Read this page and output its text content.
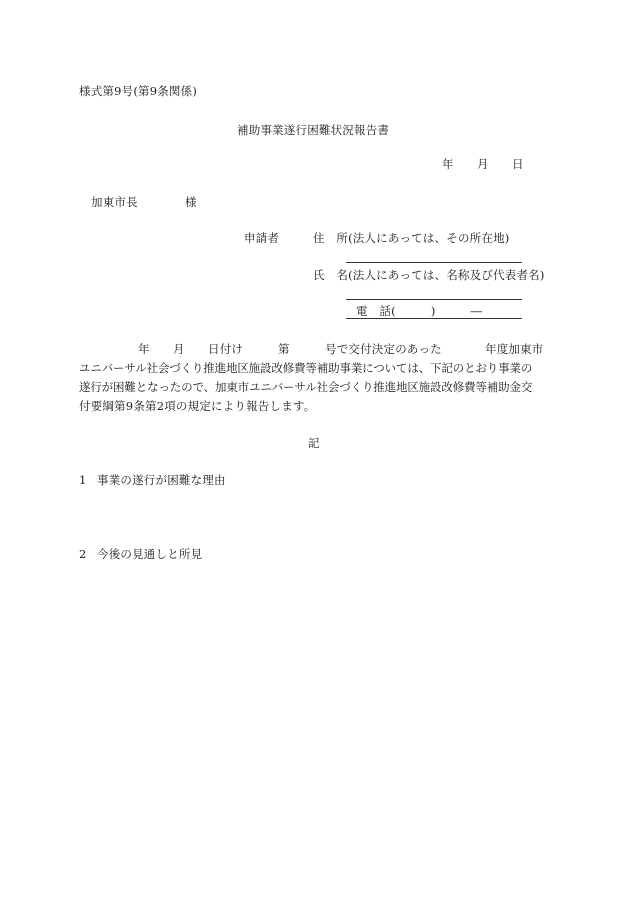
様式第9号(第9条関係)
補助事業遂行困難状況報告書
年 月 日
加東市長	様
申請者	住　所(法人にあっては、その所在地)
氏　名(法人にあっては、名称及び代表者名)
電　話(　　　)　　　―
年 月 日付け	第	号で交付決定のあった	年度加東市
ユニバーサル社会づくり推進地区施設改修費等補助事業については、下記のとおり事業の
遂行が困難となったので、加東市ユニバーサル社会づくり推進地区施設改修費等補助金交
付要綱第9条第2項の規定により報告します。
記
1 事業の遂行が困難な理由
2 今後の見通しと所見
